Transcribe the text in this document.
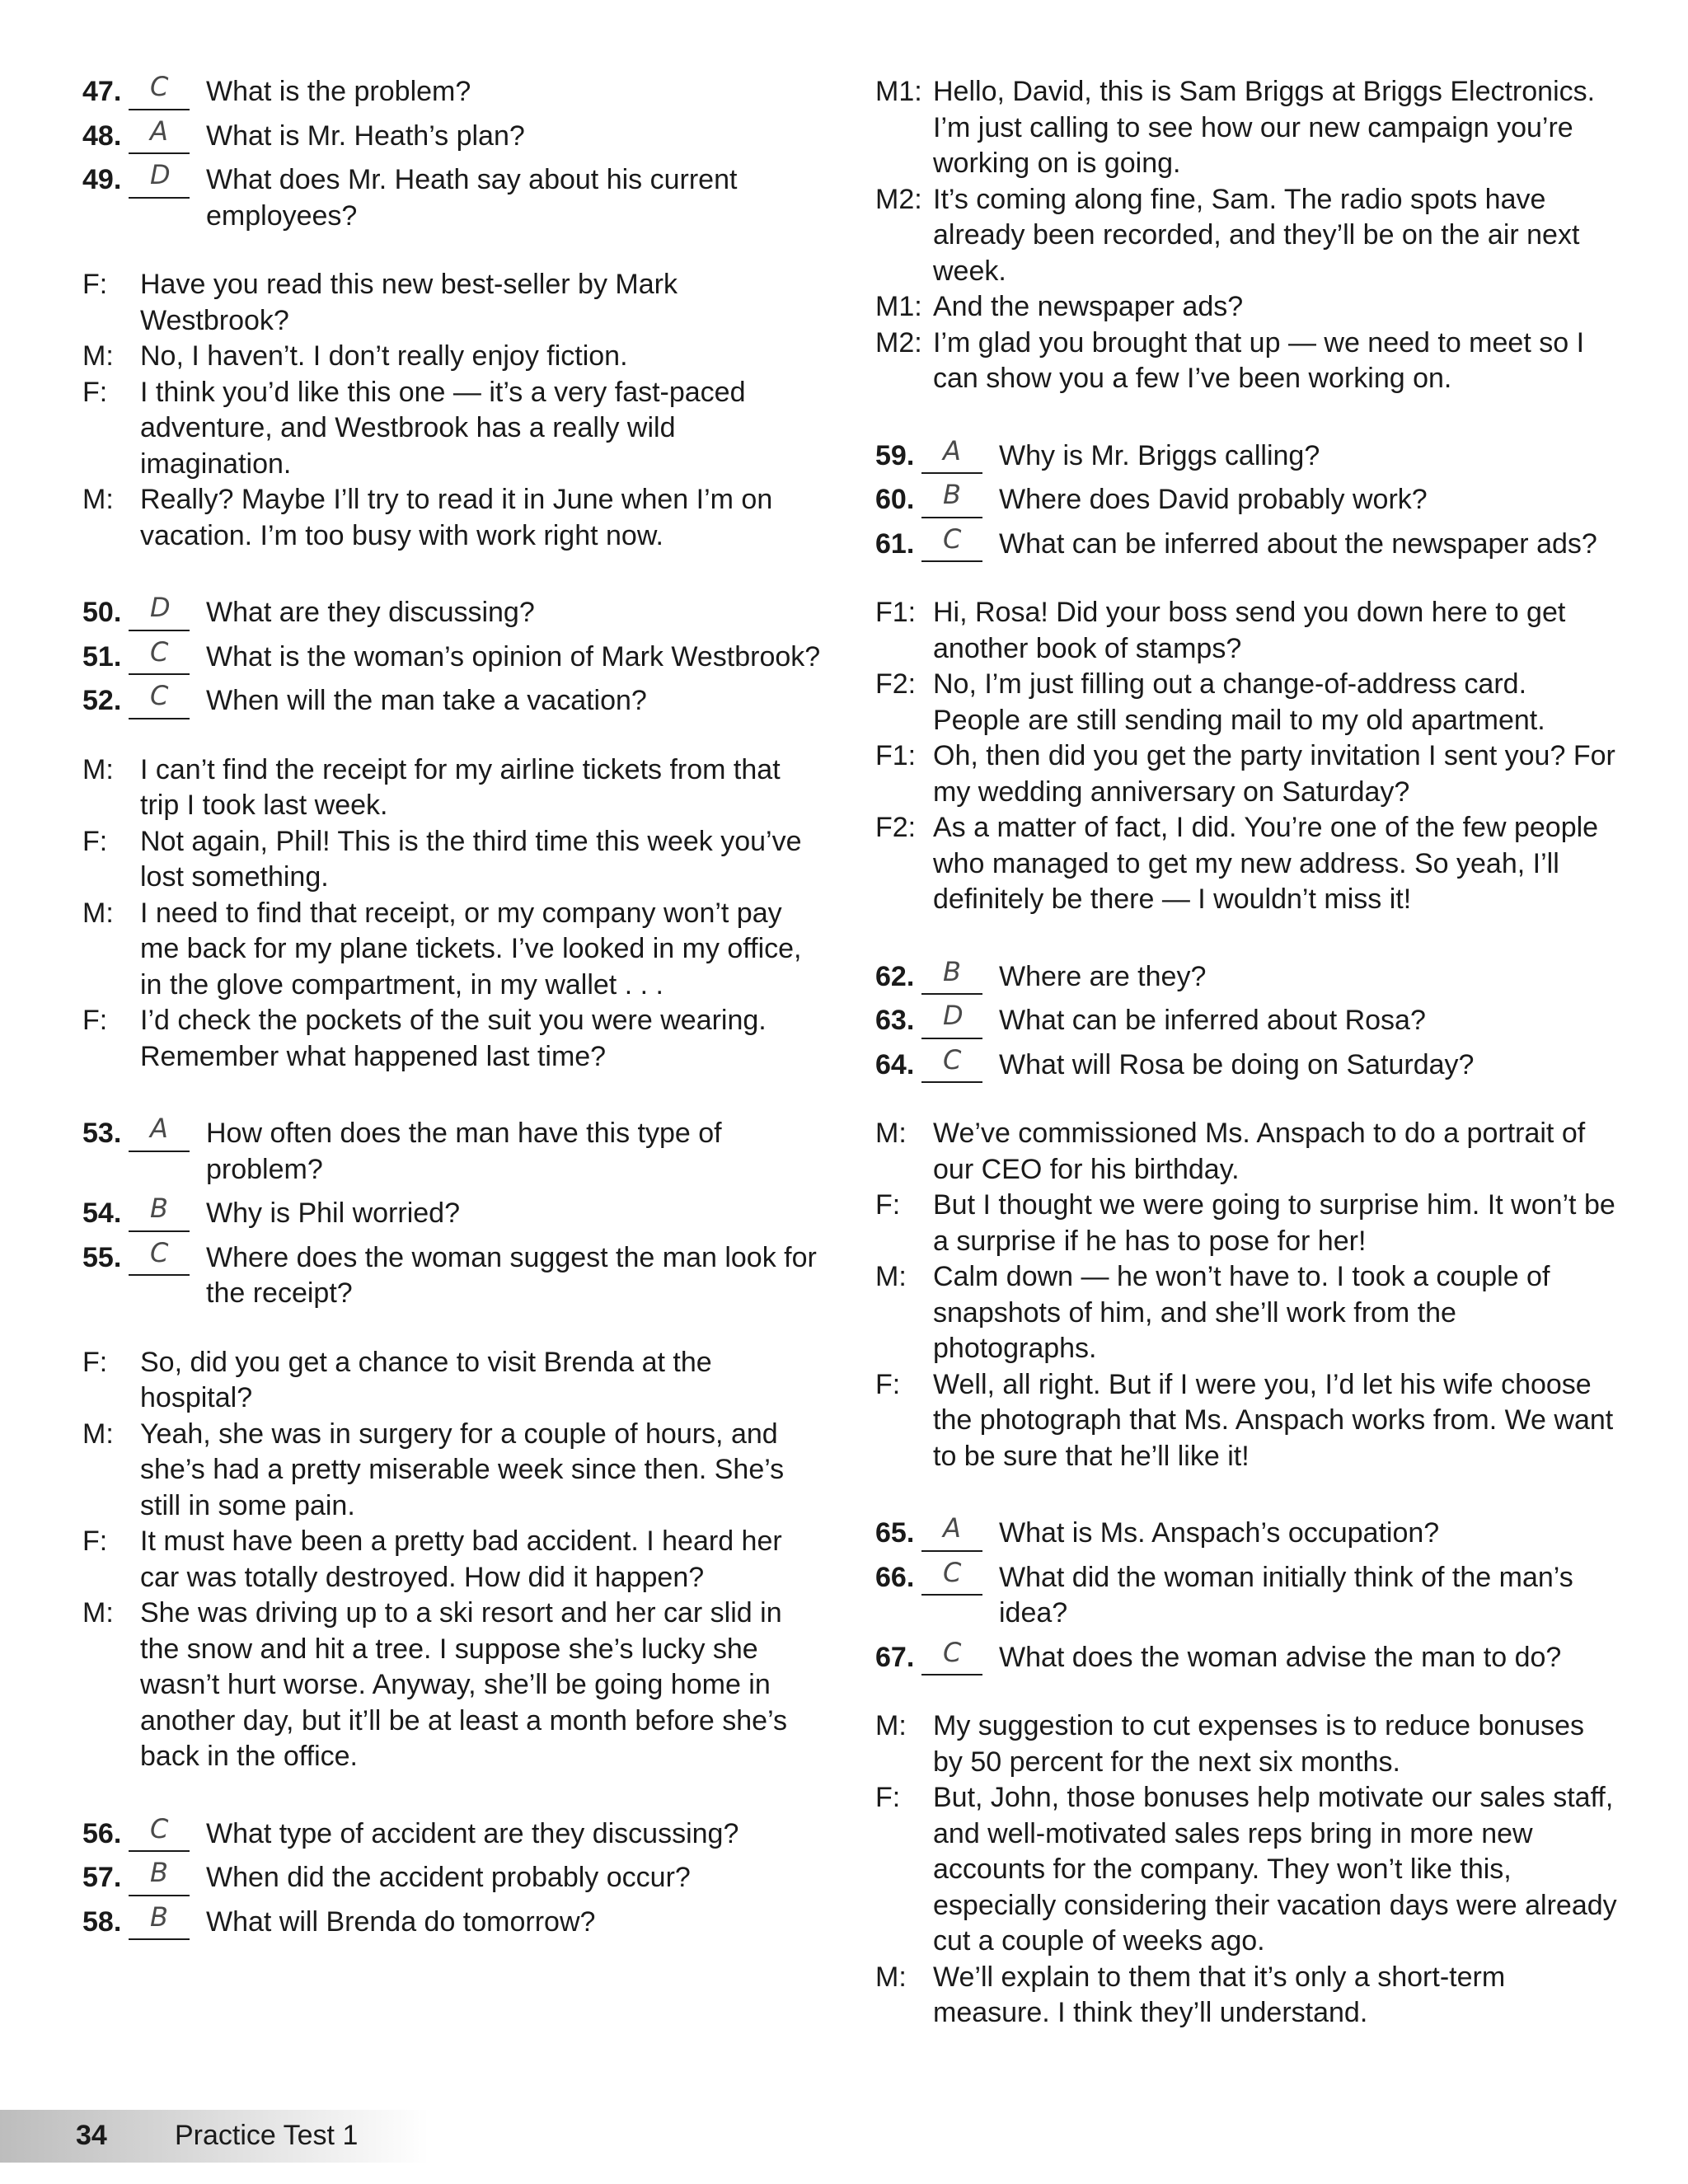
47. C What is the problem?
48. A What is Mr. Heath’s plan?
49. D What does Mr. Heath say about his current employees?
F:	Have you read this new best-seller by Mark Westbrook?
M: No, I haven’t. I don’t really enjoy fiction.
F:	I think you’d like this one — it’s a very fast-paced adventure, and Westbrook has a really wild imagination.
M: Really? Maybe I’ll try to read it in June when I’m on vacation. I’m too busy with work right now.
50. D What are they discussing?
51. C What is the woman’s opinion of Mark Westbrook?
52. C When will the man take a vacation?
M: I can’t find the receipt for my airline tickets from that trip I took last week.
F:	Not again, Phil! This is the third time this week you’ve lost something.
M: I need to find that receipt, or my company won’t pay me back for my plane tickets. I’ve looked in my office, in the glove compartment, in my wallet . . .
F:	I’d check the pockets of the suit you were wearing. Remember what happened last time?
53. A How often does the man have this type of problem?
54. B Why is Phil worried?
55. C Where does the woman suggest the man look for the receipt?
F:	So, did you get a chance to visit Brenda at the hospital?
M: Yeah, she was in surgery for a couple of hours, and she’s had a pretty miserable week since then. She’s still in some pain.
F:	It must have been a pretty bad accident. I heard her car was totally destroyed. How did it happen?
M: She was driving up to a ski resort and her car slid in the snow and hit a tree. I suppose she’s lucky she wasn’t hurt worse. Anyway, she’ll be going home in another day, but it’ll be at least a month before she’s back in the office.
56. C What type of accident are they discussing?
57. B When did the accident probably occur?
58. B What will Brenda do tomorrow?
M1: Hello, David, this is Sam Briggs at Briggs Electronics. I’m just calling to see how our new campaign you’re working on is going.
M2: It’s coming along fine, Sam. The radio spots have already been recorded, and they’ll be on the air next week.
M1: And the newspaper ads?
M2: I’m glad you brought that up — we need to meet so I can show you a few I’ve been working on.
59. A Why is Mr. Briggs calling?
60. B Where does David probably work?
61. C What can be inferred about the newspaper ads?
F1: Hi, Rosa! Did your boss send you down here to get another book of stamps?
F2: No, I’m just filling out a change-of-address card. People are still sending mail to my old apartment.
F1: Oh, then did you get the party invitation I sent you? For my wedding anniversary on Saturday?
F2: As a matter of fact, I did. You’re one of the few people who managed to get my new address. So yeah, I’ll definitely be there — I wouldn’t miss it!
62. B Where are they?
63. D What can be inferred about Rosa?
64. C What will Rosa be doing on Saturday?
M: We’ve commissioned Ms. Anspach to do a portrait of our CEO for his birthday.
F:	But I thought we were going to surprise him. It won’t be a surprise if he has to pose for her!
M: Calm down — he won’t have to. I took a couple of snapshots of him, and she’ll work from the photographs.
F:	Well, all right. But if I were you, I’d let his wife choose the photograph that Ms. Anspach works from. We want to be sure that he’ll like it!
65. A What is Ms. Anspach’s occupation?
66. C What did the woman initially think of the man’s idea?
67. C What does the woman advise the man to do?
M: My suggestion to cut expenses is to reduce bonuses by 50 percent for the next six months.
F:	But, John, those bonuses help motivate our sales staff, and well-motivated sales reps bring in more new accounts for the company. They won’t like this, especially considering their vacation days were already cut a couple of weeks ago.
M: We’ll explain to them that it’s only a short-term measure. I think they’ll understand.
34 Practice Test 1
